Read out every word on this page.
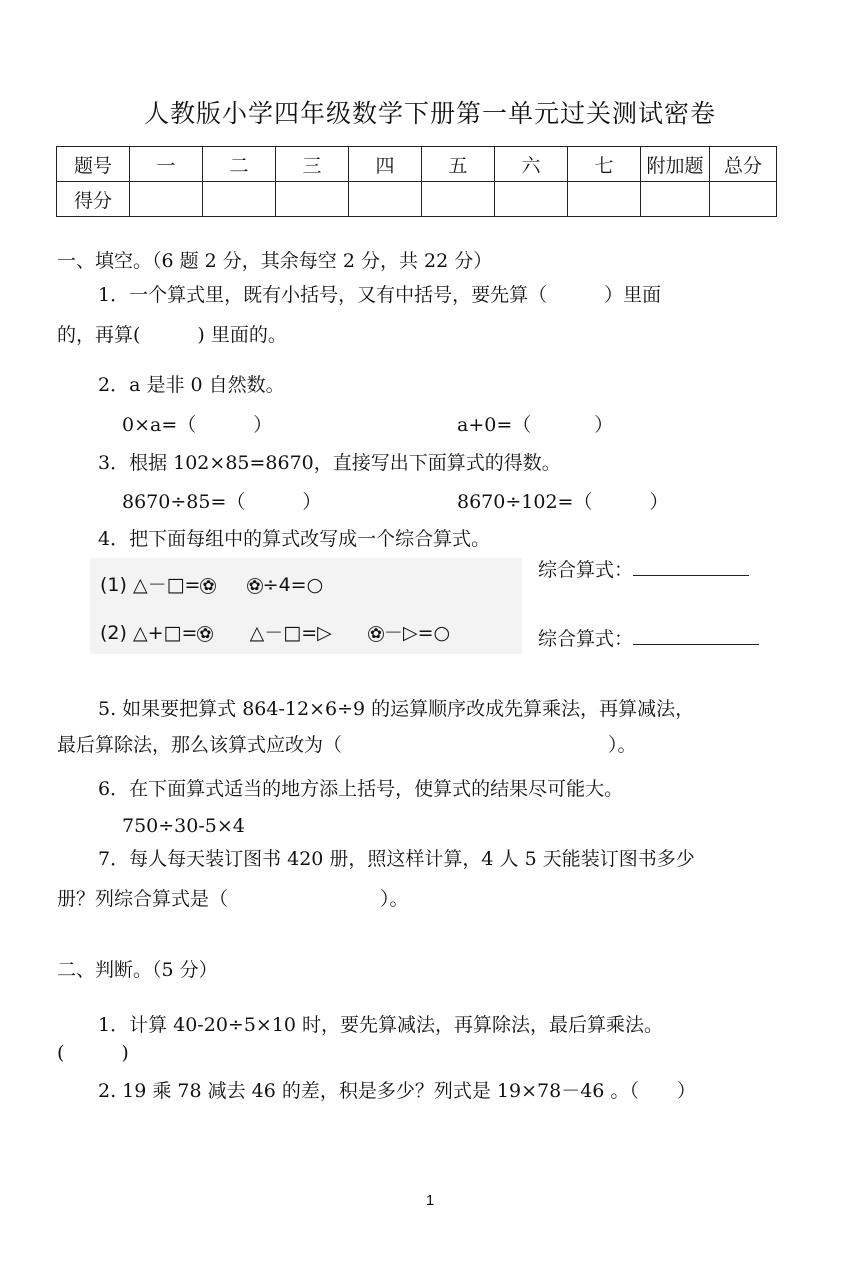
人教版小学四年级数学下册第一单元过关测试密卷
题号	一	二	三	四	五	六	七	附加题	总分
得分									
一、填空。（6 题 2 分，其余每空 2 分，共 22 分）
1．一个算式里，既有小括号，又有中括号，要先算（　　　）里面
的，再算(　　　) 里面的。
2．a 是非 0 自然数。
0×a=（　　　）	a+0=（　　　 ）
3．根据 102×85=8670，直接写出下面算式的得数。
8670÷85=（　　　）	8670÷102=（　　　）
4．把下面每组中的算式改写成一个综合算式。
(1) △－□= ✿ ✿ ÷4=○
(2) △+□= ✿ △－□=▷	✿ －▷=○
综合算式：
综合算式：
5. 如果要把算式 864-12×6÷9 的运算顺序改成先算乘法，再算减法，
最后算除法，那么该算式应改为（　　　　　　　　　　　　　　）。
6．在下面算式适当的地方添上括号，使算式的结果尽可能大。
750÷30-5×4
7．每人每天装订图书 420 册，照这样计算，4 人 5 天能装订图书多少
册？列综合算式是（　　　　　　　　）。
二、判断。（5 分）
1．计算 40-20÷5×10 时，要先算减法，再算除法，最后算乘法。
(　　　)
2. 19 乘 78 减去 46 的差，积是多少？列式是 19×78－46 。（　　）
1
